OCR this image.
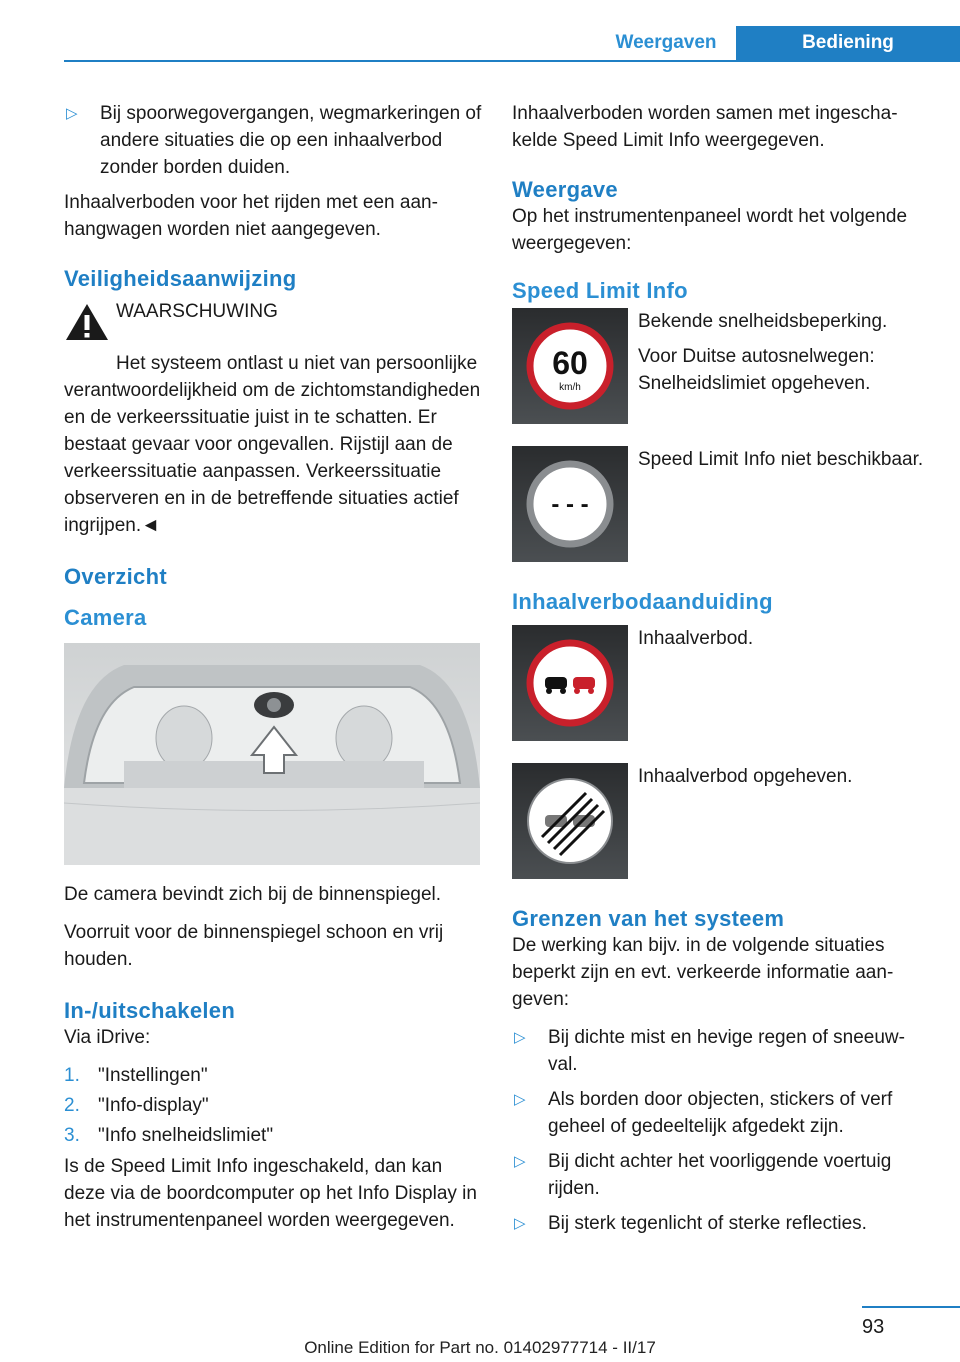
Weergaven	Bediening
▷	Bij spoorwegovergangen, wegmarkeringen of andere situaties die op een inhaalverbod zonder borden duiden.

Inhaalverboden voor het rijden met een aanhangwagen worden niet aangegeven.

Veiligheidsaanwijzing

WAARSCHUWING

Het systeem ontlast u niet van persoonlijke verantwoordelijkheid om de zichtomstandigheden en de verkeerssituatie juist in te schatten. Er bestaat gevaar voor ongevallen. Rijstijl aan de verkeerssituatie aanpassen. Verkeerssituatie observeren en in de betreffende situaties actief ingrijpen.◄

Overzicht
Camera

De camera bevindt zich bij de binnenspiegel.

Voorruit voor de binnenspiegel schoon en vrij houden.

In-/uitschakelen

Via iDrive:

1. "Instellingen"
2. "Info-display"
3. "Info snelheidslimiet"

Is de Speed Limit Info ingeschakeld, dan kan deze via de boordcomputer op het Info Display in het instrumentenpaneel worden weergegeven.

Inhaalverboden worden samen met ingeschakelde Speed Limit Info weergegeven.

Weergave

Op het instrumentenpaneel wordt het volgende weergegeven:

Speed Limit Info
60
km/h

Bekende snelheidsbeperking.

Voor Duitse autosnelwegen: Snelheidslimiet opgeheven.

- - -

Speed Limit Info niet beschikbaar.

Inhaalverbodaanduiding

Inhaalverbod.

Inhaalverbod opgeheven.

Grenzen van het systeem

De werking kan bijv. in de volgende situaties beperkt zijn en evt. verkeerde informatie aangeven:

▷	Bij dichte mist en hevige regen of sneeuwval.
▷	Als borden door objecten, stickers of verf geheel of gedeeltelijk afgedekt zijn.
▷	Bij dicht achter het voorliggende voertuig rijden.
▷	Bij sterk tegenlicht of sterke reflecties.
93
Online Edition for Part no. 01402977714 - II/17
